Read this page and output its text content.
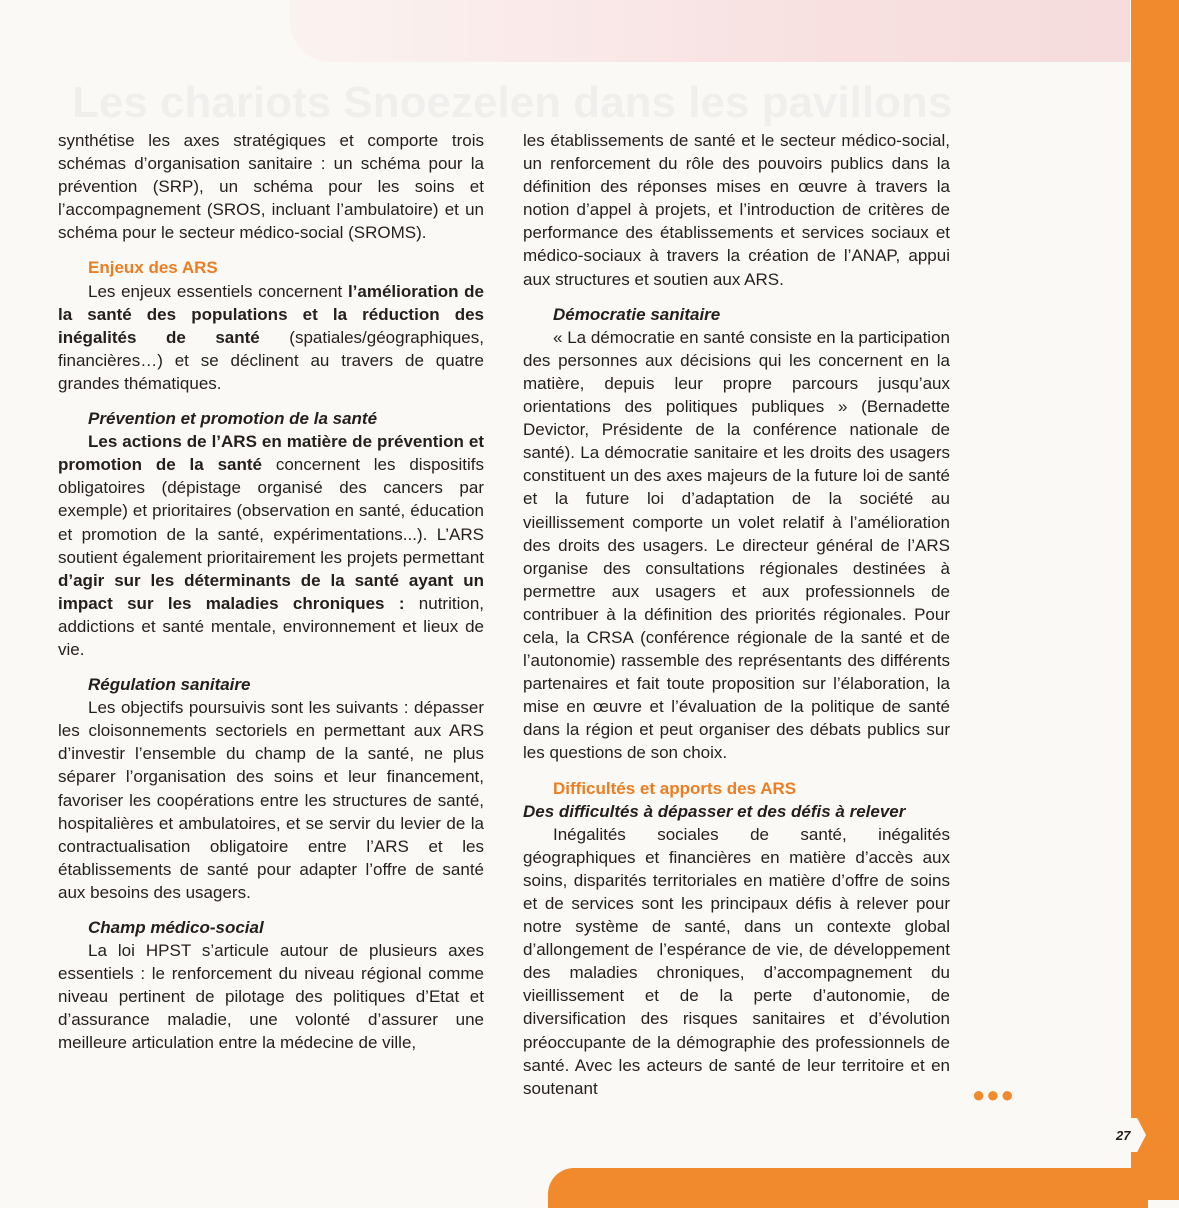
Les chariots Snoezelen dans les pavillons
27
●●●

synthétise les axes stratégiques et comporte trois schémas d’organisation sanitaire : un schéma pour la prévention (SRP), un schéma pour les soins et l’accompagnement (SROS, incluant l’ambulatoire) et un schéma pour le secteur médico-social (SROMS).

Enjeux des ARS

Les enjeux essentiels concernent l’amélioration de la santé des populations et la réduction des inégalités de santé (spatiales/géographiques, financières…) et se déclinent au travers de quatre grandes thématiques.

Prévention et promotion de la santé

Les actions de l’ARS en matière de prévention et promotion de la santé concernent les dispositifs obligatoires (dépistage organisé des cancers par exemple) et prioritaires (observation en santé, éducation et promotion de la santé, expérimentations...). L’ARS soutient également prioritairement les projets permettant d’agir sur les déterminants de la santé ayant un impact sur les maladies chroniques : nutrition, addictions et santé mentale, environnement et lieux de vie.

Régulation sanitaire

Les objectifs poursuivis sont les suivants : dépasser les cloisonnements sectoriels en permettant aux ARS d’investir l’ensemble du champ de la santé, ne plus séparer l’organisation des soins et leur financement, favoriser les coopérations entre les structures de santé, hospitalières et ambulatoires, et se servir du levier de la contractualisation obligatoire entre l’ARS et les établissements de santé pour adapter l’offre de santé aux besoins des usagers.

Champ médico-social

La loi HPST s’articule autour de plusieurs axes essentiels : le renforcement du niveau régional comme niveau pertinent de pilotage des politiques d’Etat et d’assurance maladie, une volonté d’assurer une meilleure articulation entre la médecine de ville,

les établissements de santé et le secteur médico-social, un renforcement du rôle des pouvoirs publics dans la définition des réponses mises en œuvre à travers la notion d’appel à projets, et l’introduction de critères de performance des établissements et services sociaux et médico-sociaux à travers la création de l’ANAP, appui aux structures et soutien aux ARS.

Démocratie sanitaire

« La démocratie en santé consiste en la participation des personnes aux décisions qui les concernent en la matière, depuis leur propre parcours jusqu’aux orientations des politiques publiques » (Bernadette Devictor, Présidente de la conférence nationale de santé). La démocratie sanitaire et les droits des usagers constituent un des axes majeurs de la future loi de santé et la future loi d’adaptation de la société au vieillissement comporte un volet relatif à l’amélioration des droits des usagers. Le directeur général de l’ARS organise des consultations régionales destinées à permettre aux usagers et aux professionnels de contribuer à la définition des priorités régionales. Pour cela, la CRSA (conférence régionale de la santé et de l’autonomie) rassemble des représentants des différents partenaires et fait toute proposition sur l’élaboration, la mise en œuvre et l’évaluation de la politique de santé dans la région et peut organiser des débats publics sur les questions de son choix.

Difficultés et apports des ARS

Des difficultés à dépasser et des défis à relever

Inégalités sociales de santé, inégalités géographiques et financières en matière d’accès aux soins, disparités territoriales en matière d’offre de soins et de services sont les principaux défis à relever pour notre système de santé, dans un contexte global d’allongement de l’espérance de vie, de développement des maladies chroniques, d’accompagnement du vieillissement et de la perte d’autonomie, de diversification des risques sanitaires et d’évolution préoccupante de la démographie des professionnels de santé. Avec les acteurs de santé de leur territoire et en soutenant
